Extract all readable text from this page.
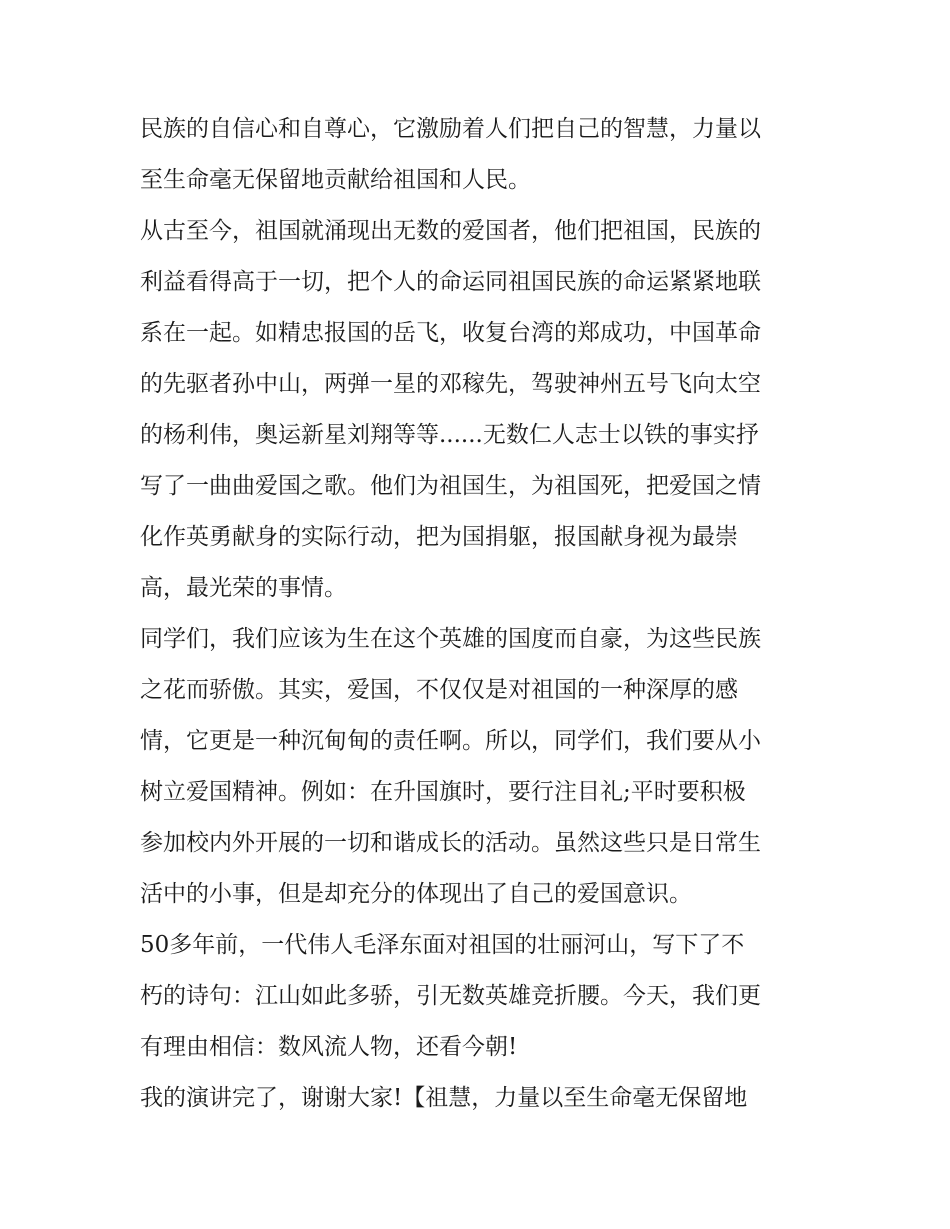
民族的自信心和自尊心，它激励着人们把自己的智慧，力量以
至生命毫无保留地贡献给祖国和人民。
从古至今，祖国就涌现出无数的爱国者，他们把祖国，民族的
利益看得高于一切，把个人的命运同祖国民族的命运紧紧地联
系在一起。如精忠报国的岳飞，收复台湾的郑成功，中国革命
的先驱者孙中山，两弹一星的邓稼先，驾驶神州五号飞向太空
的杨利伟，奥运新星刘翔等等......无数仁人志士以铁的事实抒
写了一曲曲爱国之歌。他们为祖国生，为祖国死，把爱国之情
化作英勇献身的实际行动，把为国捐躯，报国献身视为最崇
高，最光荣的事情。
同学们，我们应该为生在这个英雄的国度而自豪，为这些民族
之花而骄傲。其实，爱国，不仅仅是对祖国的一种深厚的感
情，它更是一种沉甸甸的责任啊。所以，同学们，我们要从小
树立爱国精神。例如：在升国旗时，要行注目礼;平时要积极
参加校内外开展的一切和谐成长的活动。虽然这些只是日常生
活中的小事，但是却充分的体现出了自己的爱国意识。
50多年前，一代伟人毛泽东面对祖国的壮丽河山，写下了不
朽的诗句：江山如此多骄，引无数英雄竞折腰。今天，我们更
有理由相信：数风流人物，还看今朝!
我的演讲完了，谢谢大家!【祖慧，力量以至生命毫无保留地
